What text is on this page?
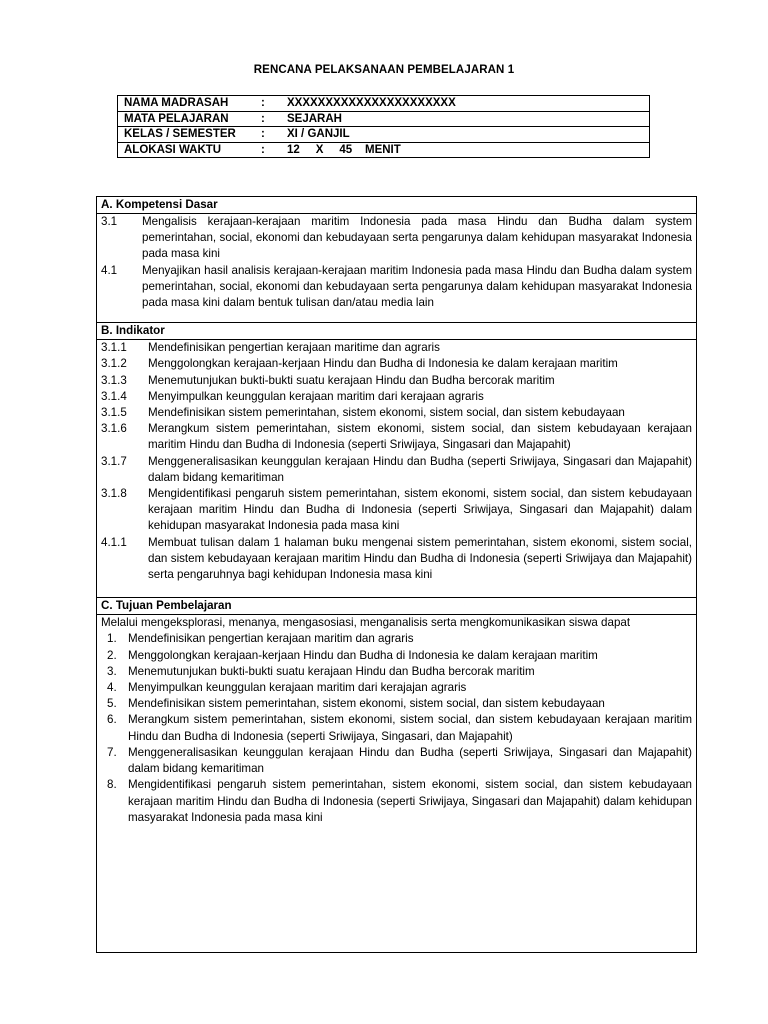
RENCANA PELAKSANAAN PEMBELAJARAN 1
NAMA MADRASAH	:	XXXXXXXXXXXXXXXXXXXXXX
MATA PELAJARAN	:	SEJARAH
KELAS / SEMESTER	:	XI / GANJIL
ALOKASI WAKTU	:	12     X     45    MENIT
A. Kompetensi Dasar
3.1	Mengalisis kerajaan-kerajaan maritim Indonesia pada masa Hindu dan Budha dalam system pemerintahan, social, ekonomi dan kebudayaan serta pengarunya dalam kehidupan masyarakat Indonesia pada masa kini
4.1	Menyajikan hasil analisis kerajaan-kerajaan maritim Indonesia pada masa Hindu dan Budha dalam system pemerintahan, social, ekonomi dan kebudayaan serta pengarunya dalam kehidupan masyarakat Indonesia pada masa kini dalam bentuk tulisan dan/atau media lain
B. Indikator
3.1.1	Mendefinisikan pengertian kerajaan maritime dan agraris
3.1.2	Menggolongkan kerajaan-kerjaan Hindu dan Budha di Indonesia ke dalam kerajaan maritim
3.1.3	Menemutunjukan bukti-bukti suatu kerajaan Hindu dan Budha bercorak maritim
3.1.4	Menyimpulkan keunggulan kerajaan maritim dari kerajaan agraris
3.1.5	Mendefinisikan sistem pemerintahan, sistem ekonomi, sistem social, dan sistem kebudayaan
3.1.6	Merangkum sistem pemerintahan, sistem ekonomi, sistem social, dan sistem kebudayaan kerajaan maritim Hindu dan Budha di Indonesia (seperti Sriwijaya, Singasari dan Majapahit)
3.1.7	Menggeneralisasikan keunggulan kerajaan Hindu dan Budha (seperti Sriwijaya, Singasari dan Majapahit) dalam bidang kemaritiman
3.1.8	Mengidentifikasi pengaruh sistem pemerintahan, sistem ekonomi, sistem social, dan sistem kebudayaan kerajaan maritim Hindu dan Budha di Indonesia (seperti Sriwijaya, Singasari dan Majapahit) dalam kehidupan masyarakat Indonesia pada masa kini
4.1.1	Membuat tulisan dalam 1 halaman buku mengenai sistem pemerintahan, sistem ekonomi, sistem social, dan sistem kebudayaan kerajaan maritim Hindu dan Budha di Indonesia (seperti Sriwijaya dan Majapahit) serta pengaruhnya bagi kehidupan Indonesia masa kini
C. Tujuan Pembelajaran
Melalui mengeksplorasi, menanya, mengasosiasi, menganalisis serta mengkomunikasikan siswa dapat
1. Mendefinisikan pengertian kerajaan maritim dan agraris
2. Menggolongkan kerajaan-kerjaan Hindu dan Budha di Indonesia ke dalam kerajaan maritim
3. Menemutunjukan bukti-bukti suatu kerajaan Hindu dan Budha bercorak maritim
4. Menyimpulkan keunggulan kerajaan maritim dari kerajajan agraris
5. Mendefinisikan sistem pemerintahan, sistem ekonomi, sistem social, dan sistem kebudayaan
6. Merangkum sistem pemerintahan, sistem ekonomi, sistem social, dan sistem kebudayaan kerajaan maritim Hindu dan Budha di Indonesia (seperti Sriwijaya, Singasari, dan Majapahit)
7. Menggeneralisasikan keunggulan kerajaan Hindu dan Budha (seperti Sriwijaya, Singasari dan Majapahit) dalam bidang kemaritiman
8. Mengidentifikasi pengaruh sistem pemerintahan, sistem ekonomi, sistem social, dan sistem kebudayaan kerajaan maritim Hindu dan Budha di Indonesia (seperti Sriwijaya, Singasari dan Majapahit) dalam kehidupan masyarakat Indonesia pada masa kini
